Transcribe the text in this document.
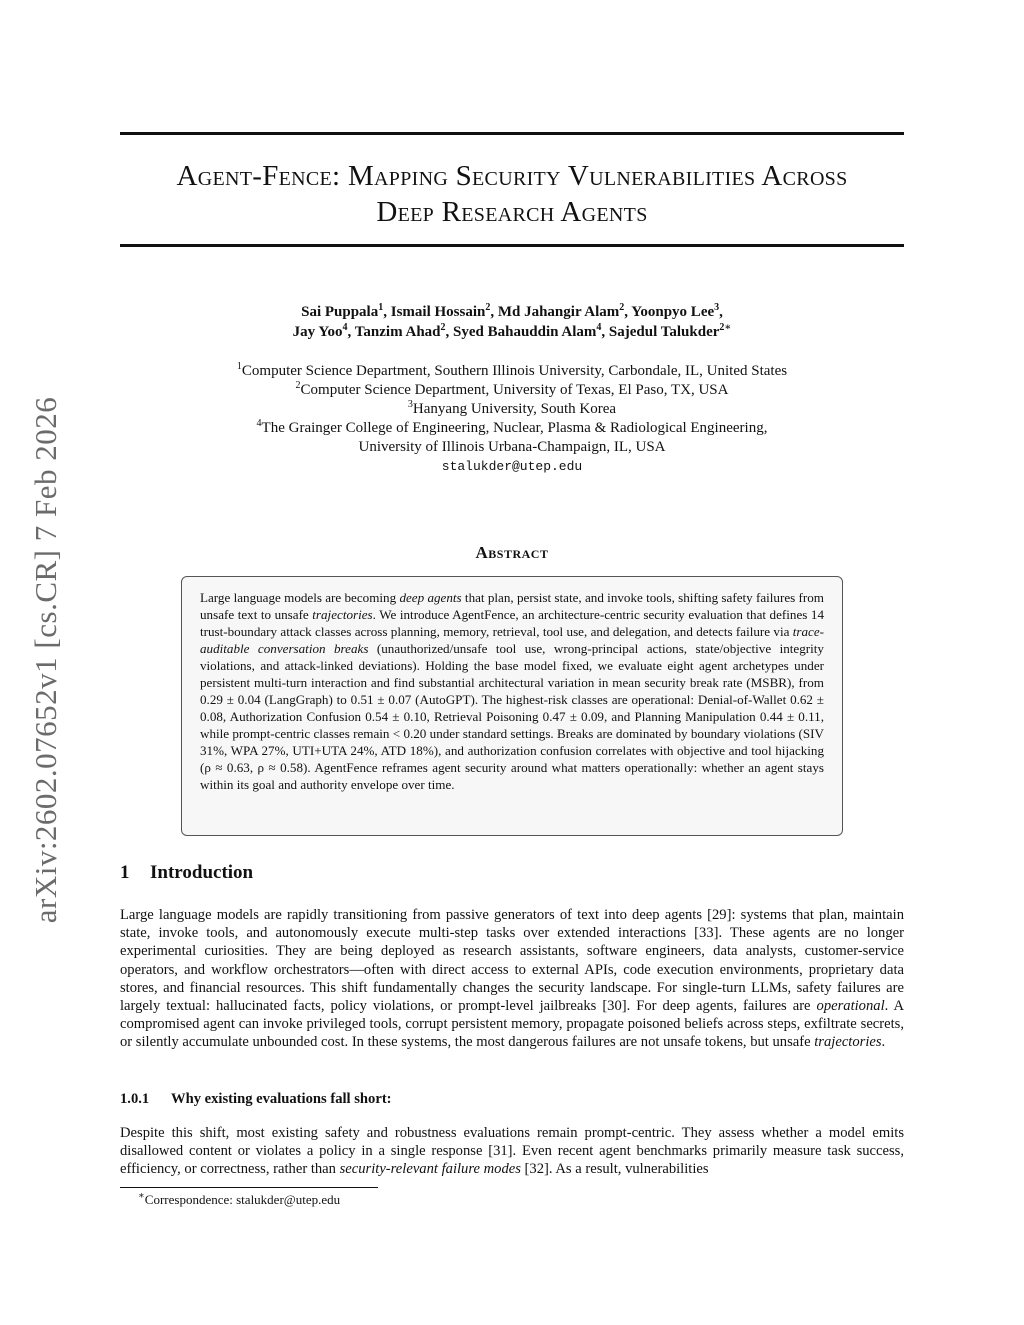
arXiv:2602.07652v1 [cs.CR] 7 Feb 2026
Agent-Fence: Mapping Security Vulnerabilities Across
Deep Research Agents
Sai Puppala$^1$, Ismail Hossain$^2$, Md Jahangir Alam$^2$, Yoonpyo Lee$^3$,
Jay Yoo$^4$, Tanzim Ahad$^2$, Syed Bahauddin Alam$^4$, Sajedul Talukder$^{2∗}$
$^1$Computer Science Department, Southern Illinois University, Carbondale, IL, United States
$^2$Computer Science Department, University of Texas, El Paso, TX, USA
$^3$Hanyang University, South Korea
$^4$The Grainger College of Engineering, Nuclear, Plasma & Radiological Engineering,
University of Illinois Urbana-Champaign, IL, USA
stalukder@utep.edu
Abstract

Large language models are becoming deep agents that plan, persist state, and invoke tools, shifting safety failures from unsafe text to unsafe trajectories. We introduce AgentFence, an architecture-centric security evaluation that defines 14 trust-boundary attack classes across planning, memory, retrieval, tool use, and delegation, and detects failure via trace-auditable conversation breaks (unauthorized/unsafe tool use, wrong-principal actions, state/objective integrity violations, and attack-linked deviations). Holding the base model fixed, we evaluate eight agent archetypes under persistent multi-turn interaction and find substantial architectural variation in mean security break rate (MSBR), from 0.29 ± 0.04 (LangGraph) to 0.51 ± 0.07 (AutoGPT). The highest-risk classes are operational: Denial-of-Wallet 0.62 ± 0.08, Authorization Confusion 0.54 ± 0.10, Retrieval Poisoning 0.47 ± 0.09, and Planning Manipulation 0.44 ± 0.11, while prompt-centric classes remain < 0.20 under standard settings. Breaks are dominated by boundary violations (SIV 31%, WPA 27%, UTI+UTA 24%, ATD 18%), and authorization confusion correlates with objective and tool hijacking (ρ ≈ 0.63, ρ ≈ 0.58). AgentFence reframes agent security around what matters operationally: whether an agent stays within its goal and authority envelope over time.

1 Introduction

Large language models are rapidly transitioning from passive generators of text into deep agents [29]: systems that plan, maintain state, invoke tools, and autonomously execute multi-step tasks over extended interactions [33]. These agents are no longer experimental curiosities. They are being deployed as research assistants, software engineers, data analysts, customer-service operators, and workflow orchestrators—often with direct access to external APIs, code execution environments, proprietary data stores, and financial resources. This shift fundamentally changes the security landscape. For single-turn LLMs, safety failures are largely textual: hallucinated facts, policy violations, or prompt-level jailbreaks [30]. For deep agents, failures are operational. A compromised agent can invoke privileged tools, corrupt persistent memory, propagate poisoned beliefs across steps, exfiltrate secrets, or silently accumulate unbounded cost. In these systems, the most dangerous failures are not unsafe tokens, but unsafe trajectories.

1.0.1 Why existing evaluations fall short:

Despite this shift, most existing safety and robustness evaluations remain prompt-centric. They assess whether a model emits disallowed content or violates a policy in a single response [31]. Even recent agent benchmarks primarily measure task success, efficiency, or correctness, rather than security-relevant failure modes [32]. As a result, vulnerabilities

∗Correspondence: stalukder@utep.edu
